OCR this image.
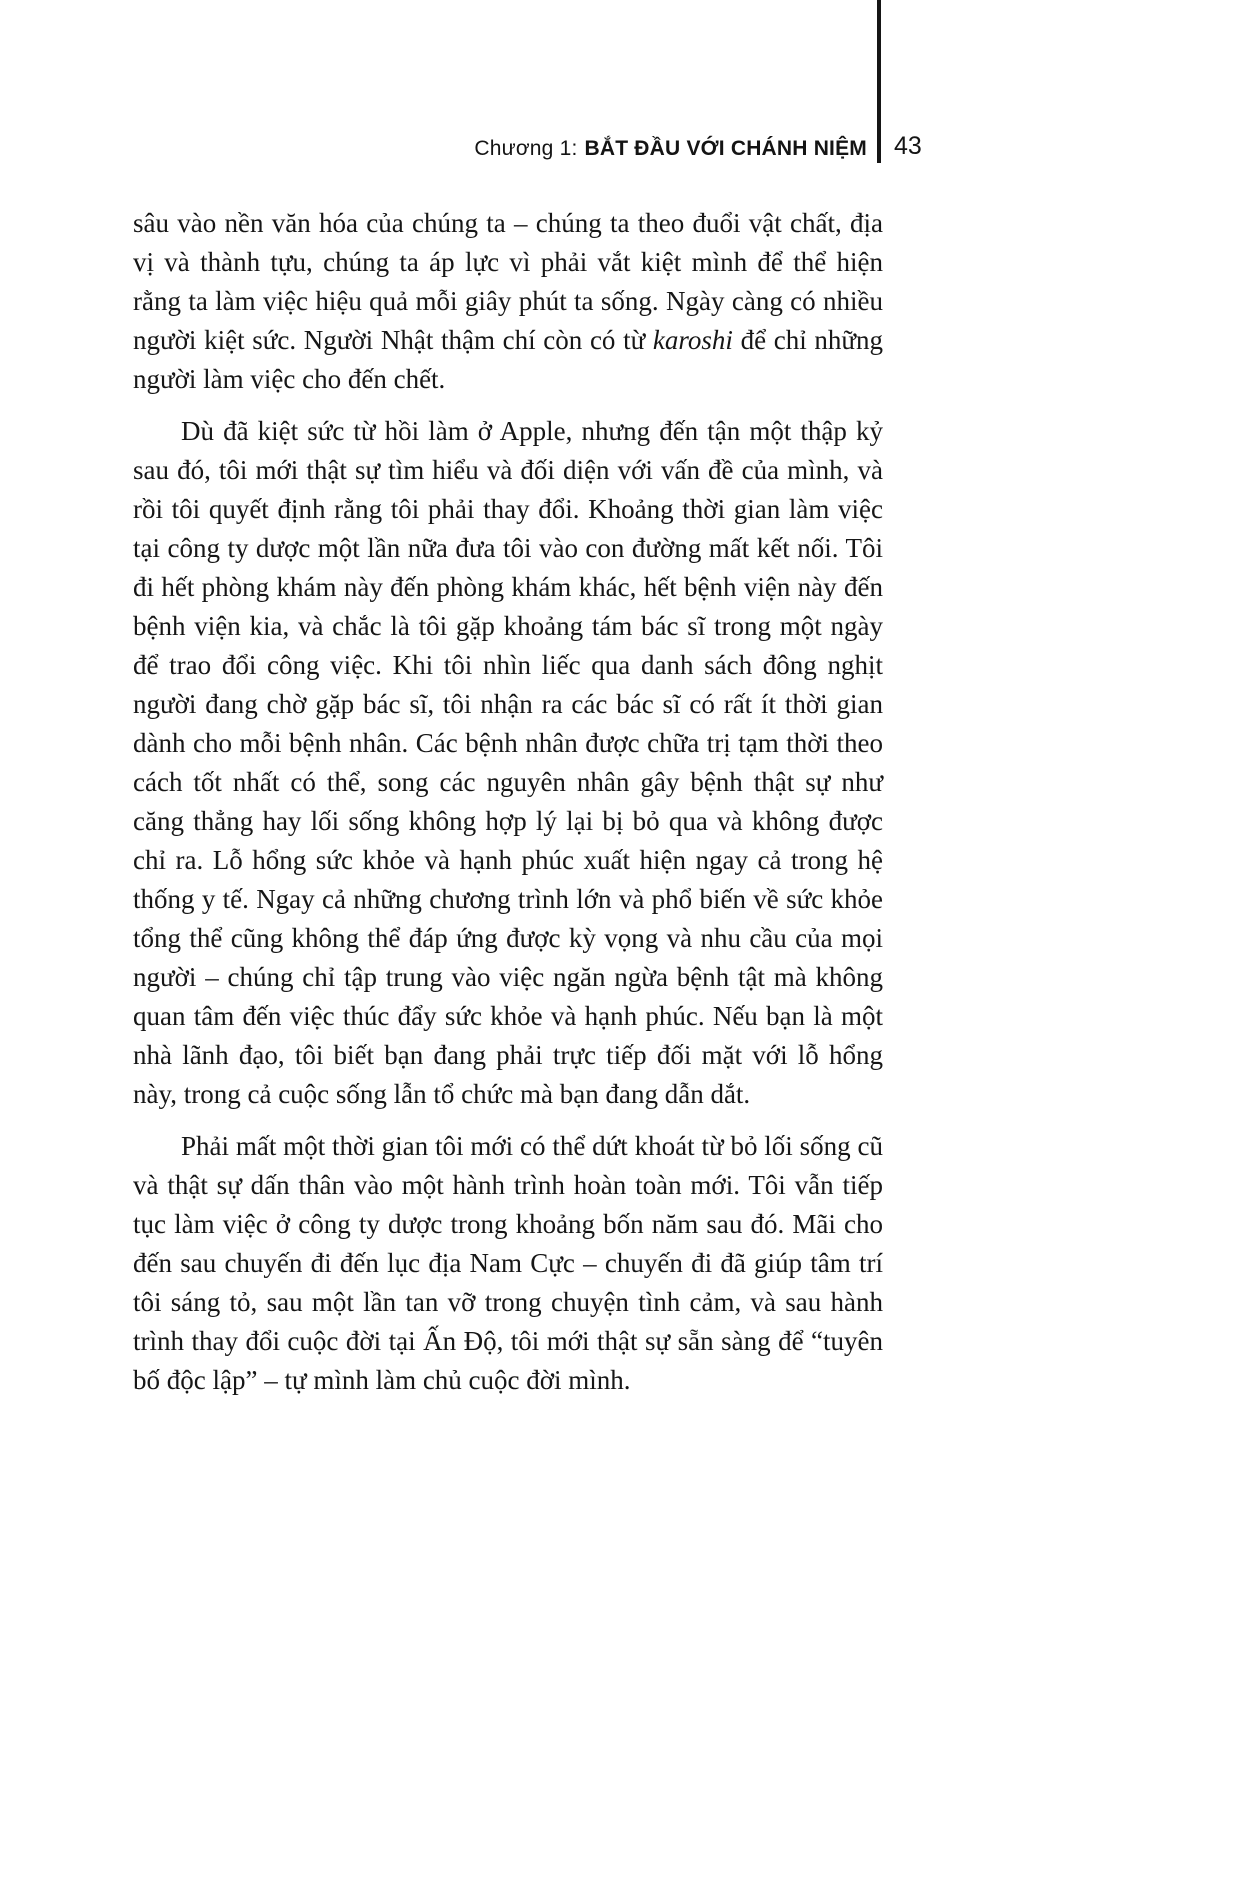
Chương 1: BẮT ĐẦU VỚI CHÁNH NIỆM 43

sâu vào nền văn hóa của chúng ta – chúng ta theo đuổi vật chất, địa vị và thành tựu, chúng ta áp lực vì phải vắt kiệt mình để thể hiện rằng ta làm việc hiệu quả mỗi giây phút ta sống. Ngày càng có nhiều người kiệt sức. Người Nhật thậm chí còn có từ karoshi để chỉ những người làm việc cho đến chết.

Dù đã kiệt sức từ hồi làm ở Apple, nhưng đến tận một thập kỷ sau đó, tôi mới thật sự tìm hiểu và đối diện với vấn đề của mình, và rồi tôi quyết định rằng tôi phải thay đổi. Khoảng thời gian làm việc tại công ty dược một lần nữa đưa tôi vào con đường mất kết nối. Tôi đi hết phòng khám này đến phòng khám khác, hết bệnh viện này đến bệnh viện kia, và chắc là tôi gặp khoảng tám bác sĩ trong một ngày để trao đổi công việc. Khi tôi nhìn liếc qua danh sách đông nghịt người đang chờ gặp bác sĩ, tôi nhận ra các bác sĩ có rất ít thời gian dành cho mỗi bệnh nhân. Các bệnh nhân được chữa trị tạm thời theo cách tốt nhất có thể, song các nguyên nhân gây bệnh thật sự như căng thẳng hay lối sống không hợp lý lại bị bỏ qua và không được chỉ ra. Lỗ hổng sức khỏe và hạnh phúc xuất hiện ngay cả trong hệ thống y tế. Ngay cả những chương trình lớn và phổ biến về sức khỏe tổng thể cũng không thể đáp ứng được kỳ vọng và nhu cầu của mọi người – chúng chỉ tập trung vào việc ngăn ngừa bệnh tật mà không quan tâm đến việc thúc đẩy sức khỏe và hạnh phúc. Nếu bạn là một nhà lãnh đạo, tôi biết bạn đang phải trực tiếp đối mặt với lỗ hổng này, trong cả cuộc sống lẫn tổ chức mà bạn đang dẫn dắt.

Phải mất một thời gian tôi mới có thể dứt khoát từ bỏ lối sống cũ và thật sự dấn thân vào một hành trình hoàn toàn mới. Tôi vẫn tiếp tục làm việc ở công ty dược trong khoảng bốn năm sau đó. Mãi cho đến sau chuyến đi đến lục địa Nam Cực – chuyến đi đã giúp tâm trí tôi sáng tỏ, sau một lần tan vỡ trong chuyện tình cảm, và sau hành trình thay đổi cuộc đời tại Ấn Độ, tôi mới thật sự sẵn sàng để “tuyên bố độc lập” – tự mình làm chủ cuộc đời mình.
